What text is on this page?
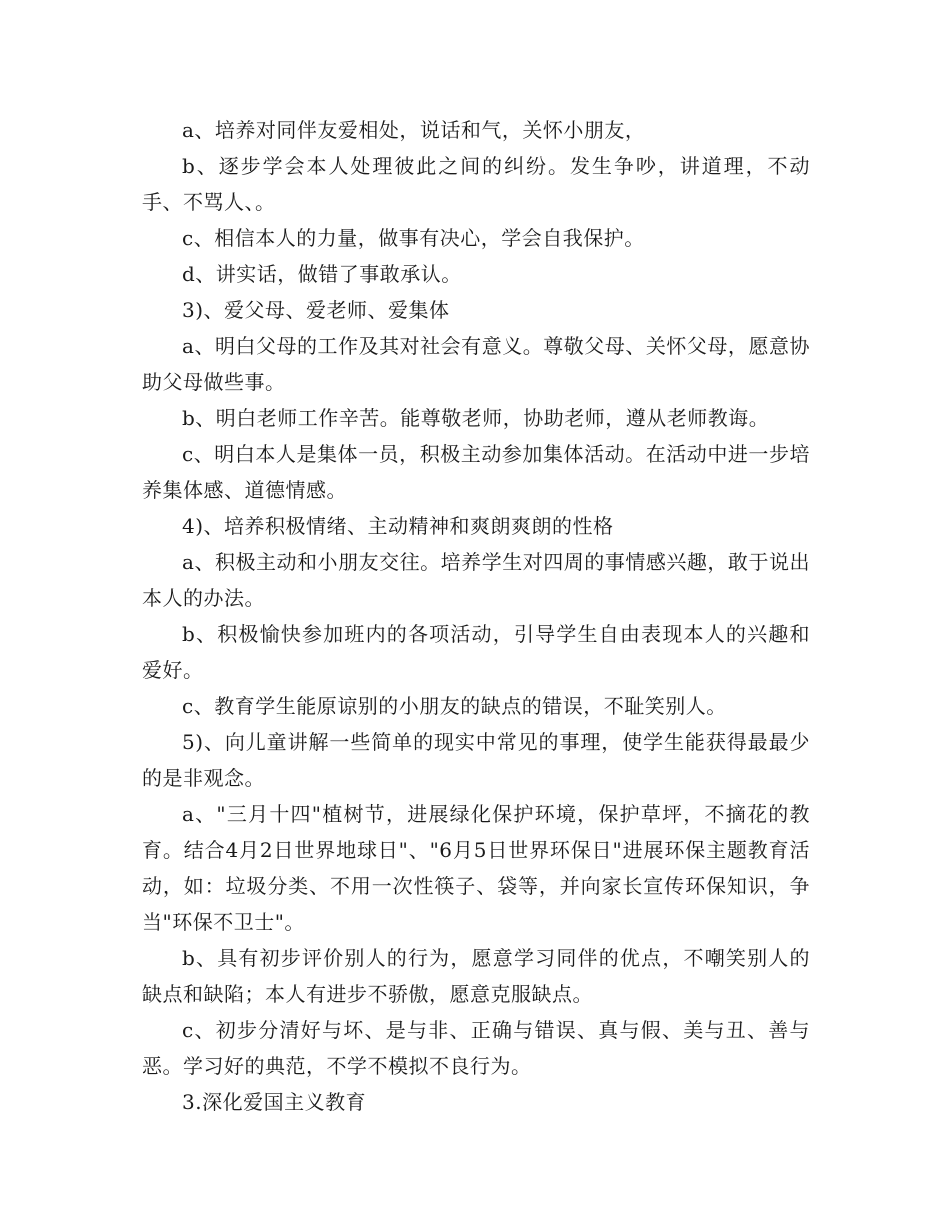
a、培养对同伴友爱相处，说话和气，关怀小朋友，

b、逐步学会本人处理彼此之间的纠纷。发生争吵，讲道理，不动手、不骂人、。

c、相信本人的力量，做事有决心，学会自我保护。

d、讲实话，做错了事敢承认。

3)、爱父母、爱老师、爱集体

a、明白父母的工作及其对社会有意义。尊敬父母、关怀父母，愿意协助父母做些事。

b、明白老师工作辛苦。能尊敬老师，协助老师，遵从老师教诲。

c、明白本人是集体一员，积极主动参加集体活动。在活动中进一步培养集体感、道德情感。

4)、培养积极情绪、主动精神和爽朗爽朗的性格

a、积极主动和小朋友交往。培养学生对四周的事情感兴趣，敢于说出本人的办法。

b、积极愉快参加班内的各项活动，引导学生自由表现本人的兴趣和爱好。

c、教育学生能原谅别的小朋友的缺点的错误，不耻笑别人。

5)、向儿童讲解一些简单的现实中常见的事理，使学生能获得最最少的是非观念。

a、"三月十四"植树节，进展绿化保护环境，保护草坪，不摘花的教育。结合4月2日世界地球日"、"6月5日世界环保日"进展环保主题教育活动，如：垃圾分类、不用一次性筷子、袋等，并向家长宣传环保知识，争当"环保不卫士"。

b、具有初步评价别人的行为，愿意学习同伴的优点，不嘲笑别人的缺点和缺陷；本人有进步不骄傲，愿意克服缺点。

c、初步分清好与坏、是与非、正确与错误、真与假、美与丑、善与恶。学习好的典范，不学不模拟不良行为。

3.深化爱国主义教育
